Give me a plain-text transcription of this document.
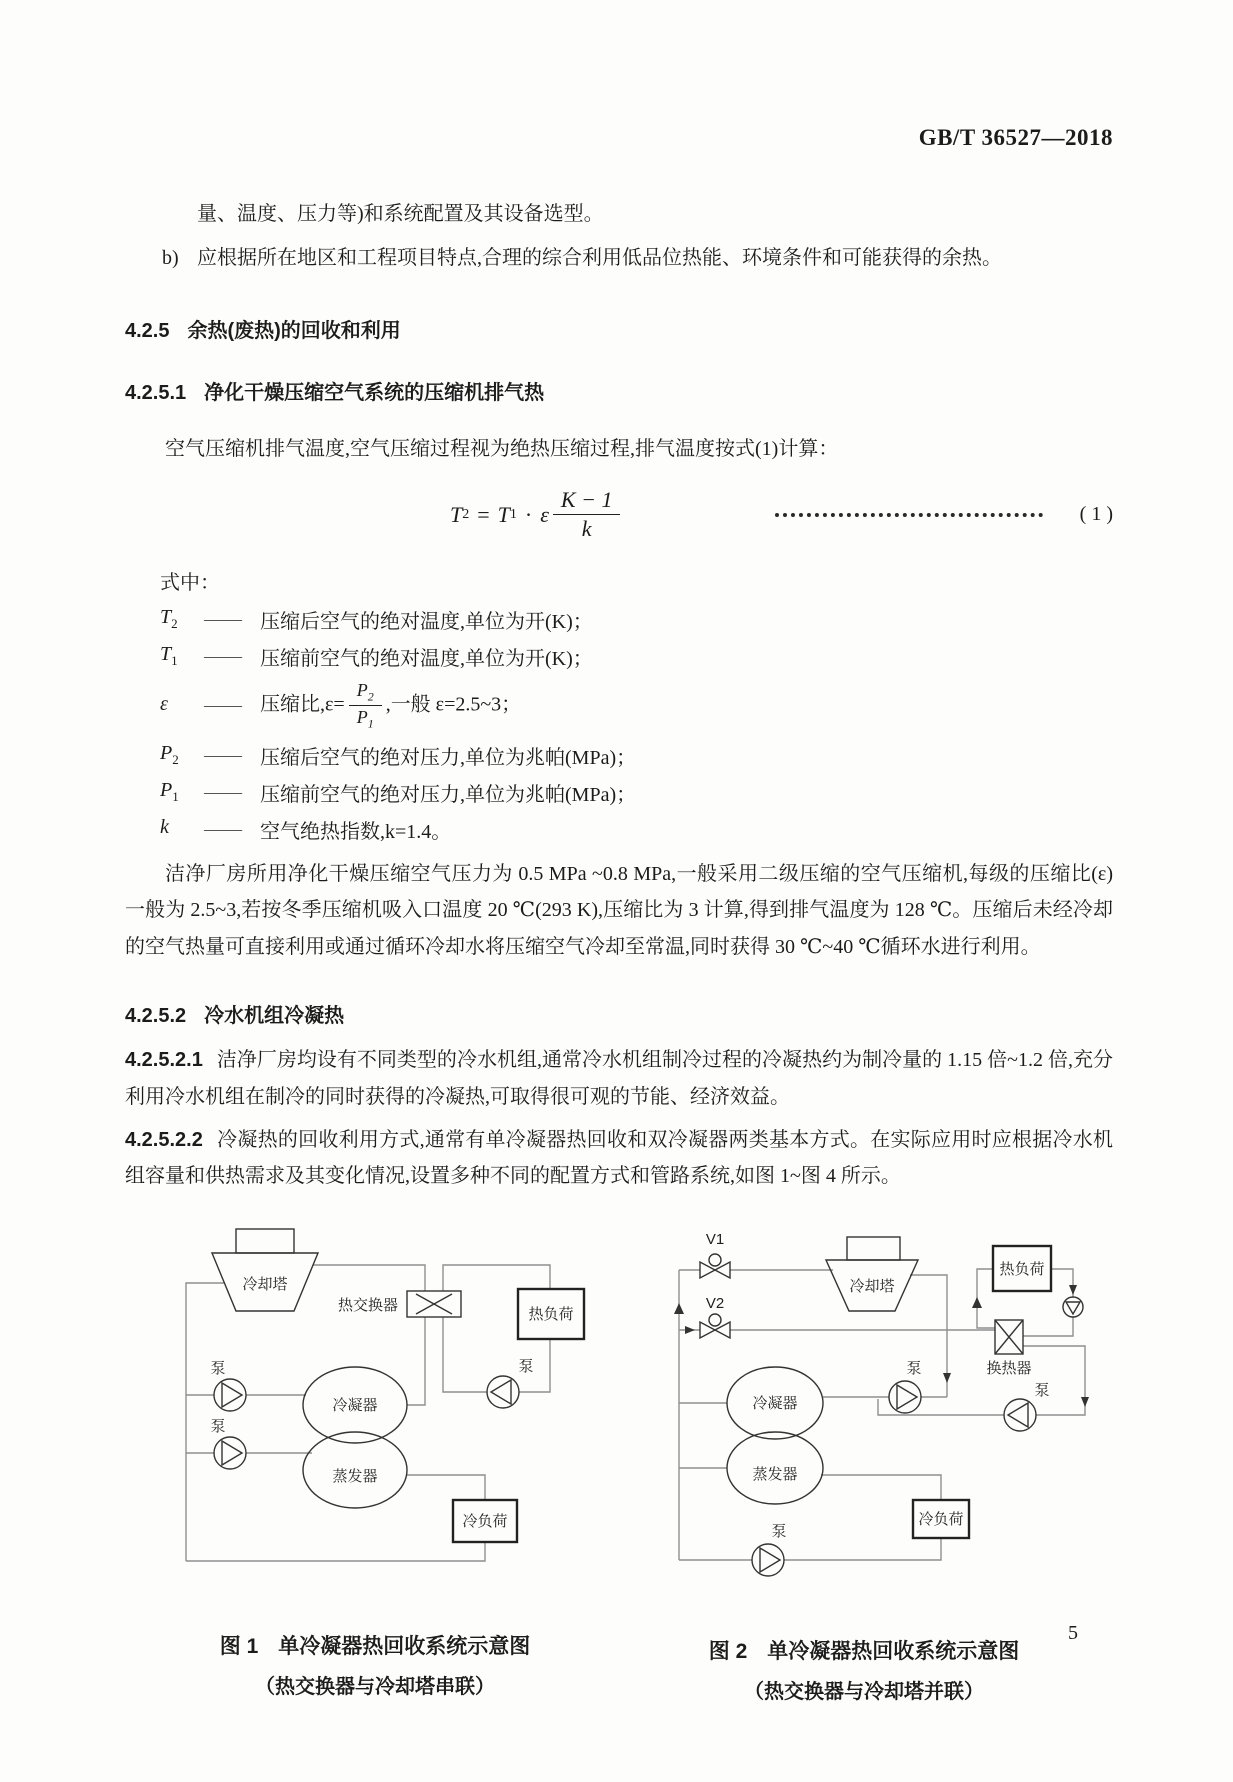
GB/T 36527—2018
量、温度、压力等)和系统配置及其设备选型。
b) 应根据所在地区和工程项目特点,合理的综合利用低品位热能、环境条件和可能获得的余热。
4.2.5 余热(废热)的回收和利用
4.2.5.1 净化干燥压缩空气系统的压缩机排气热

空气压缩机排气温度,空气压缩过程视为绝热压缩过程,排气温度按式(1)计算：

T 2 = T 1 · ε $\frac{K - 1}{k}$	( 1 )
式中：
$T_2$	——	压缩后空气的绝对温度,单位为开(K)；
$T_1$	——	压缩前空气的绝对温度,单位为开(K)；
ε	——	压缩比$,\varepsilon= \frac{P_2}{P_1}$ ,一般 ε=2.5~3；
$P_2$	——	压缩后空气的绝对压力,单位为兆帕(MPa)；
$P_1$	——	压缩前空气的绝对压力,单位为兆帕(MPa)；
k	——	空气绝热指数,k=1.4。

洁净厂房所用净化干燥压缩空气压力为 0.5 MPa ~0.8 MPa,一般采用二级压缩的空气压缩机,每级的压缩比(ε)一般为 2.5~3,若按冬季压缩机吸入口温度 20 ℃(293 K),压缩比为 3 计算,得到排气温度为 128 ℃。压缩后未经冷却的空气热量可直接利用或通过循环冷却水将压缩空气冷却至常温,同时获得 30 ℃~40 ℃循环水进行利用。

4.2.5.2 冷水机组冷凝热

4.2.5.2.1 洁净厂房均设有不同类型的冷水机组,通常冷水机组制冷过程的冷凝热约为制冷量的 1.15 倍~1.2 倍,充分利用冷水机组在制冷的同时获得的冷凝热,可取得很可观的节能、经济效益。

4.2.5.2.2 冷凝热的回收利用方式,通常有单冷凝器热回收和双冷凝器两类基本方式。在实际应用时应根据冷水机组容量和供热需求及其变化情况,设置多种不同的配置方式和管路系统,如图 1~图 4 所示。

冷却塔
热交换器
热负荷
泵
泵
泵
冷凝器
蒸发器
冷负荷
图 1 单冷凝器热回收系统示意图
（热交换器与冷却塔串联）
V1
V2
冷却塔
热负荷
换热器
泵
泵
泵
冷凝器
蒸发器
冷负荷
图 2 单冷凝器热回收系统示意图
（热交换器与冷却塔并联）
5
